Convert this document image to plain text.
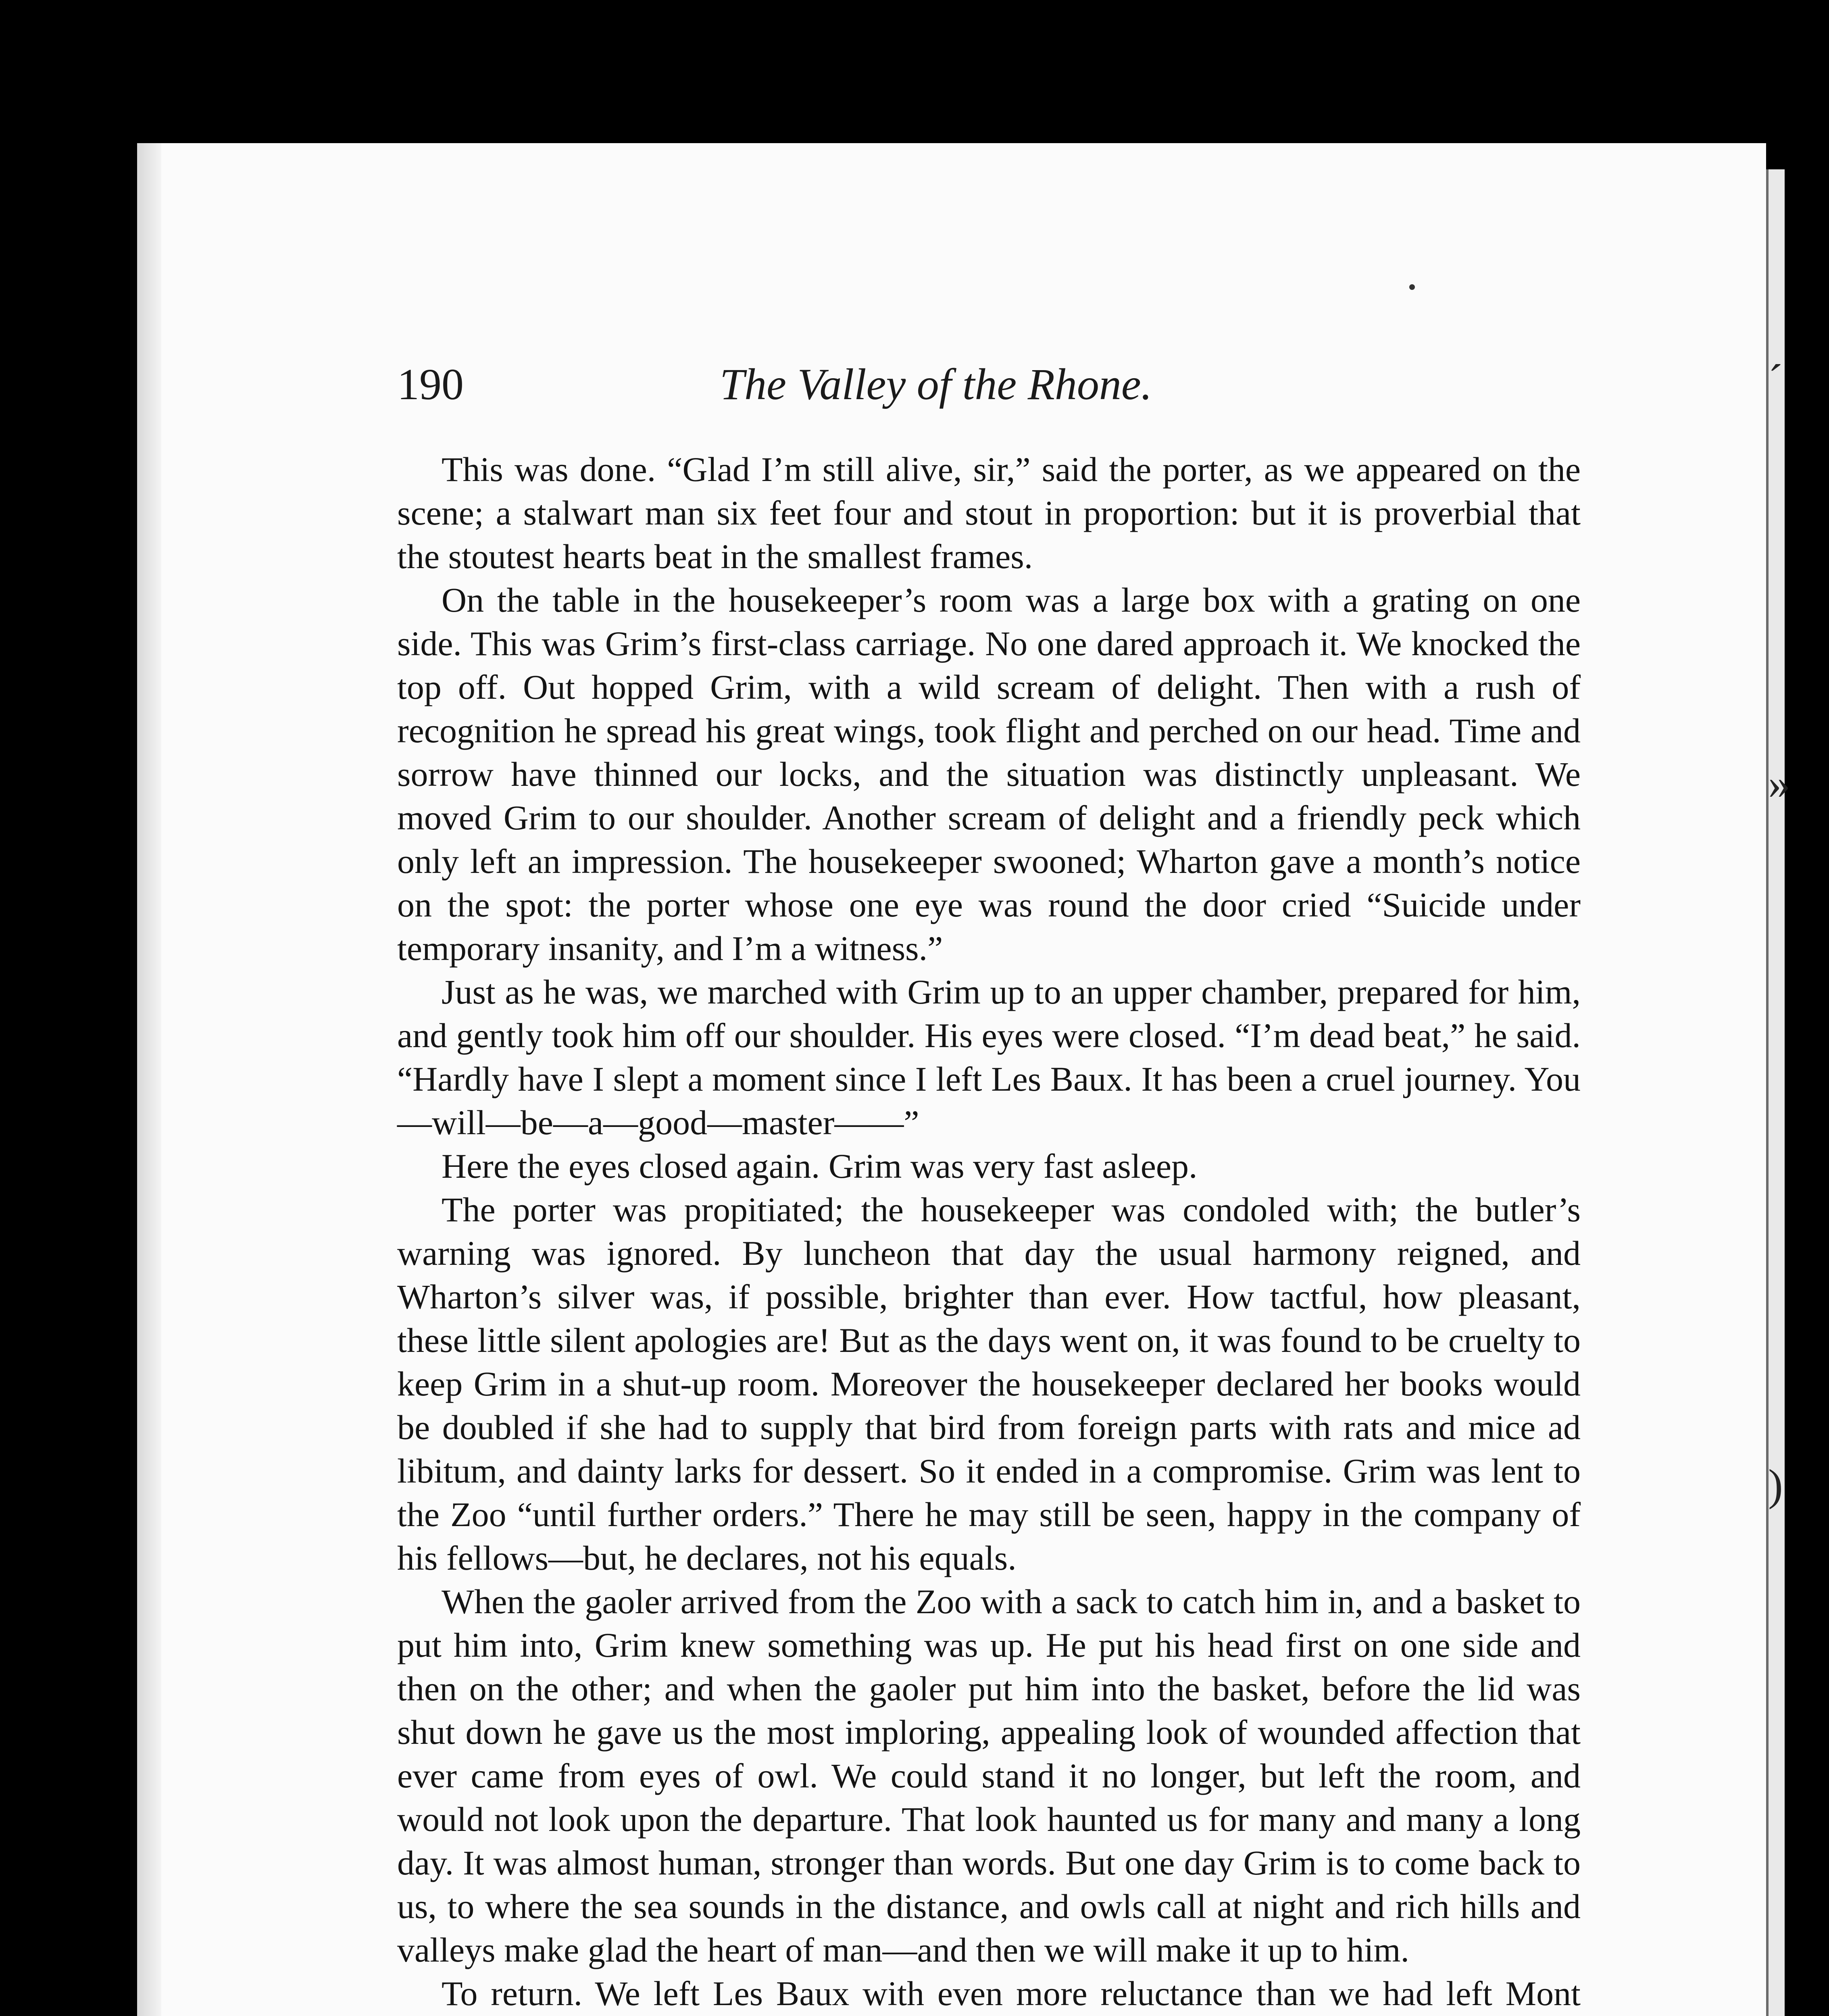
´
»
)
190	The Valley of the Rhone.

This was done. “Glad I’m still alive, sir,” said the porter, as we appeared on the scene; a stalwart man six feet four and stout in proportion: but it is proverbial that the stoutest hearts beat in the smallest frames.

On the table in the housekeeper’s room was a large box with a grating on one side. This was Grim’s first-class carriage. No one dared approach it. We knocked the top off. Out hopped Grim, with a wild scream of delight. Then with a rush of recognition he spread his great wings, took flight and perched on our head. Time and sorrow have thinned our locks, and the situation was distinctly unpleasant. We moved Grim to our shoulder. Another scream of delight and a friendly peck which only left an impression. The housekeeper swooned; Wharton gave a month’s notice on the spot: the porter whose one eye was round the door cried “Suicide under temporary insanity, and I’m a witness.”

Just as he was, we marched with Grim up to an upper chamber, prepared for him, and gently took him off our shoulder. His eyes were closed. “I’m dead beat,” he said. “Hardly have I slept a moment since I left Les Baux. It has been a cruel journey. You—will—be—a—good—master——”

Here the eyes closed again. Grim was very fast asleep.

The porter was propitiated; the housekeeper was condoled with; the butler’s warning was ignored. By luncheon that day the usual harmony reigned, and Wharton’s silver was, if possible, brighter than ever. How tactful, how pleasant, these little silent apologies are! But as the days went on, it was found to be cruelty to keep Grim in a shut-up room. Moreover the housekeeper declared her books would be doubled if she had to supply that bird from foreign parts with rats and mice ad libitum, and dainty larks for dessert. So it ended in a compromise. Grim was lent to the Zoo “until further orders.” There he may still be seen, happy in the company of his fellows—but, he declares, not his equals.

When the gaoler arrived from the Zoo with a sack to catch him in, and a basket to put him into, Grim knew something was up. He put his head first on one side and then on the other; and when the gaoler put him into the basket, before the lid was shut down he gave us the most imploring, appealing look of wounded affection that ever came from eyes of owl. We could stand it no longer, but left the room, and would not look upon the departure. That look haunted us for many and many a long day. It was almost human, stronger than words. But one day Grim is to come back to us, to where the sea sounds in the distance, and owls call at night and rich hills and valleys make glad the heart of man—and then we will make it up to him.

To return. We left Les Baux with even more reluctance than we had left Mont
